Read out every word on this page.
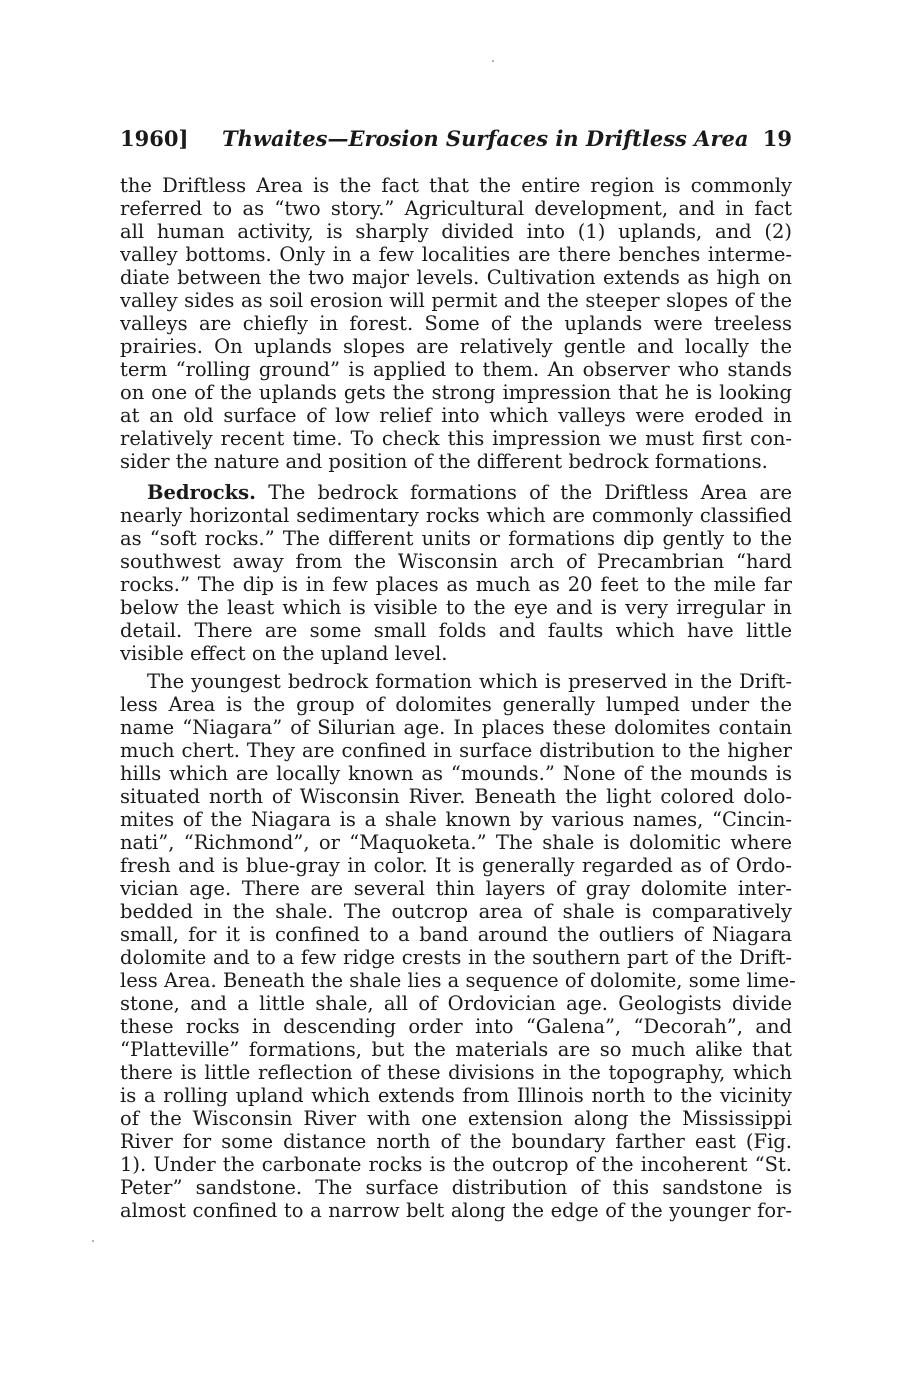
1960] Thwaites—Erosion Surfaces in Driftless Area 19
the Driftless Area is the fact that the entire region is commonly
referred to as “two story.” Agricultural development, and in fact
all human activity, is sharply divided into (1) uplands, and (2)
valley bottoms. Only in a few localities are there benches interme-
diate between the two major levels. Cultivation extends as high on
valley sides as soil erosion will permit and the steeper slopes of the
valleys are chiefly in forest. Some of the uplands were treeless
prairies. On uplands slopes are relatively gentle and locally the
term “rolling ground” is applied to them. An observer who stands
on one of the uplands gets the strong impression that he is looking
at an old surface of low relief into which valleys were eroded in
relatively recent time. To check this impression we must first con-
sider the nature and position of the different bedrock formations.
Bedrocks. The bedrock formations of the Driftless Area are
nearly horizontal sedimentary rocks which are commonly classified
as “soft rocks.” The different units or formations dip gently to the
southwest away from the Wisconsin arch of Precambrian “hard
rocks.” The dip is in few places as much as 20 feet to the mile far
below the least which is visible to the eye and is very irregular in
detail. There are some small folds and faults which have little
visible effect on the upland level.
The youngest bedrock formation which is preserved in the Drift-
less Area is the group of dolomites generally lumped under the
name “Niagara” of Silurian age. In places these dolomites contain
much chert. They are confined in surface distribution to the higher
hills which are locally known as “mounds.” None of the mounds is
situated north of Wisconsin River. Beneath the light colored dolo-
mites of the Niagara is a shale known by various names, “Cincin-
nati”, “Richmond”, or “Maquoketa.” The shale is dolomitic where
fresh and is blue-gray in color. It is generally regarded as of Ordo-
vician age. There are several thin layers of gray dolomite inter-
bedded in the shale. The outcrop area of shale is comparatively
small, for it is confined to a band around the outliers of Niagara
dolomite and to a few ridge crests in the southern part of the Drift-
less Area. Beneath the shale lies a sequence of dolomite, some lime-
stone, and a little shale, all of Ordovician age. Geologists divide
these rocks in descending order into “Galena”, “Decorah”, and
“Platteville” formations, but the materials are so much alike that
there is little reflection of these divisions in the topography, which
is a rolling upland which extends from Illinois north to the vicinity
of the Wisconsin River with one extension along the Mississippi
River for some distance north of the boundary farther east (Fig.
1). Under the carbonate rocks is the outcrop of the incoherent “St.
Peter” sandstone. The surface distribution of this sandstone is
almost confined to a narrow belt along the edge of the younger for-
